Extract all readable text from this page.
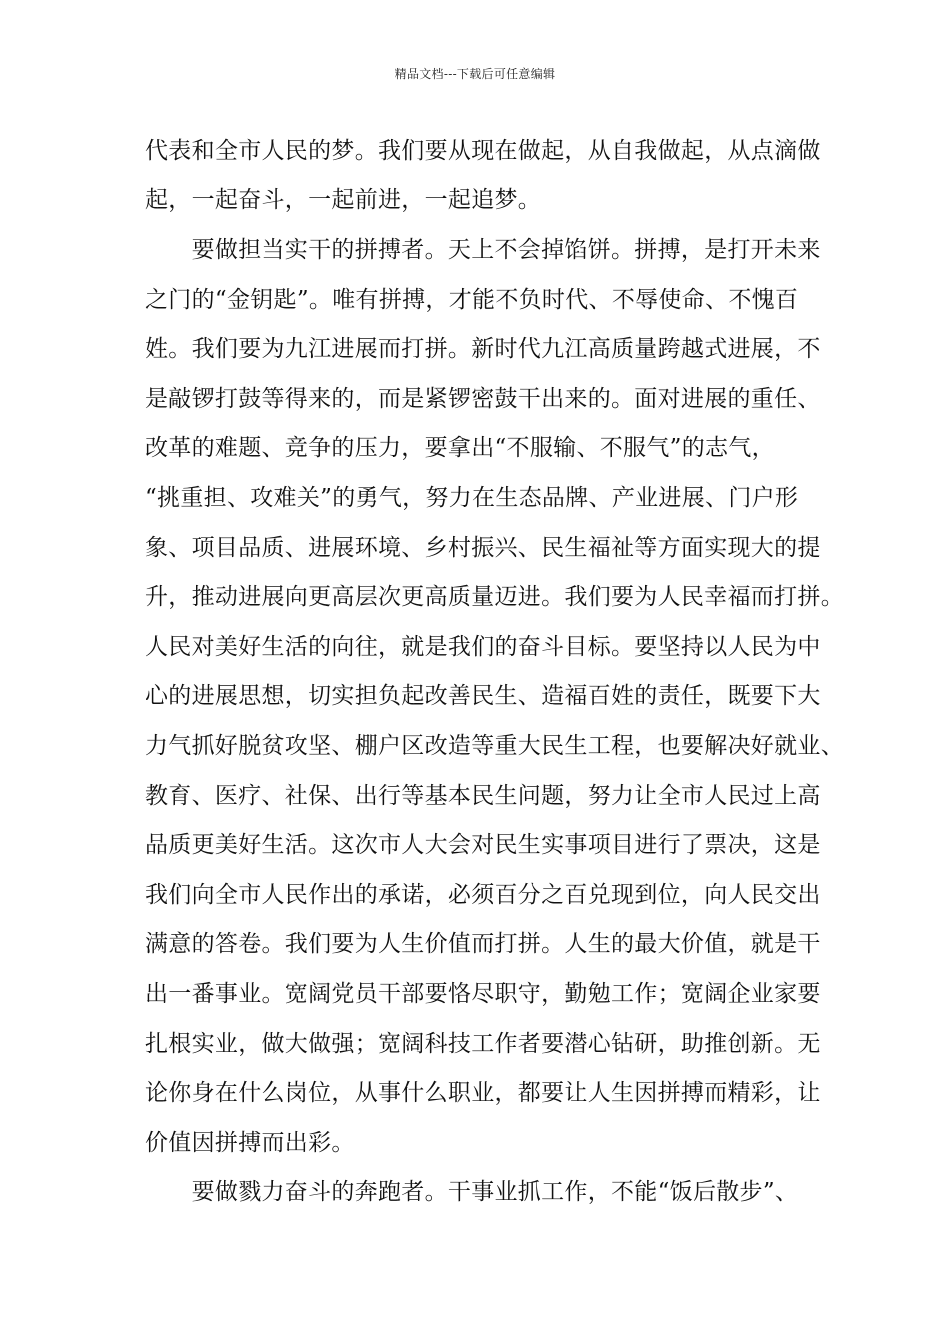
精品文档---下载后可任意编辑
代表和全市人民的梦。我们要从现在做起，从自我做起，从点滴做
起，一起奋斗，一起前进，一起追梦。
　　要做担当实干的拼搏者。天上不会掉馅饼。拼搏，是打开未来
之门的“金钥匙”。唯有拼搏，才能不负时代、不辱使命、不愧百
姓。我们要为九江进展而打拼。新时代九江高质量跨越式进展，不
是敲锣打鼓等得来的，而是紧锣密鼓干出来的。面对进展的重任、
改革的难题、竞争的压力，要拿出“不服输、不服气”的志气，
“挑重担、攻难关”的勇气，努力在生态品牌、产业进展、门户形
象、项目品质、进展环境、乡村振兴、民生福祉等方面实现大的提
升，推动进展向更高层次更高质量迈进。我们要为人民幸福而打拼。
人民对美好生活的向往，就是我们的奋斗目标。要坚持以人民为中
心的进展思想，切实担负起改善民生、造福百姓的责任，既要下大
力气抓好脱贫攻坚、棚户区改造等重大民生工程，也要解决好就业、
教育、医疗、社保、出行等基本民生问题，努力让全市人民过上高
品质更美好生活。这次市人大会对民生实事项目进行了票决，这是
我们向全市人民作出的承诺，必须百分之百兑现到位，向人民交出
满意的答卷。我们要为人生价值而打拼。人生的最大价值，就是干
出一番事业。宽阔党员干部要恪尽职守，勤勉工作；宽阔企业家要
扎根实业，做大做强；宽阔科技工作者要潜心钻研，助推创新。无
论你身在什么岗位，从事什么职业，都要让人生因拼搏而精彩，让
价值因拼搏而出彩。
　　要做戮力奋斗的奔跑者。干事业抓工作，不能“饭后散步”、
